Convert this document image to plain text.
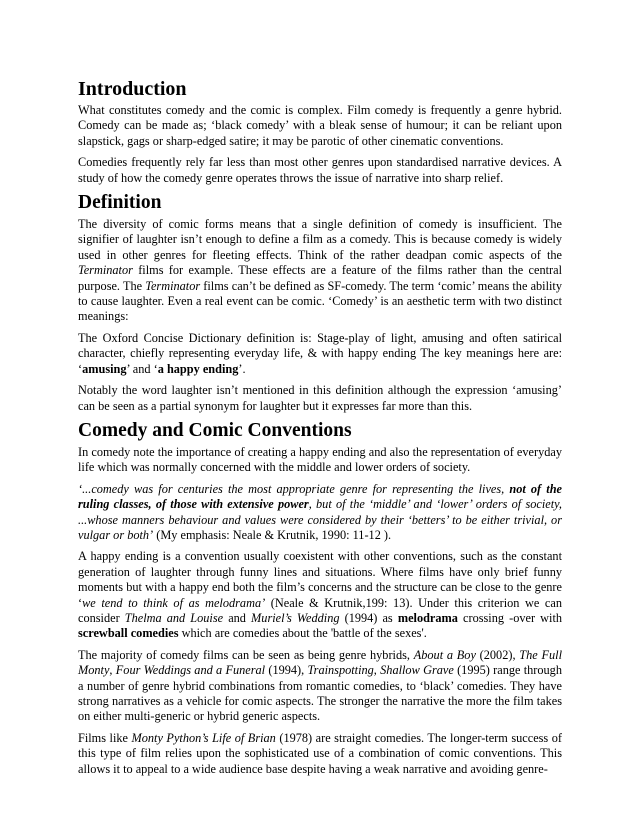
Introduction

What constitutes comedy and the comic is complex. Film comedy is frequently a genre hybrid. Comedy can be made as; ‘black comedy’ with a bleak sense of humour; it can be reliant upon slapstick, gags or sharp-edged satire; it may be parotic of other cinematic conventions.

Comedies frequently rely far less than most other genres upon standardised narrative devices. A study of how the comedy genre operates throws the issue of narrative into sharp relief.

Definition

The diversity of comic forms means that a single definition of comedy is insufficient. The signifier of laughter isn’t enough to define a film as a comedy. This is because comedy is widely used in other genres for fleeting effects. Think of the rather deadpan comic aspects of the Terminator films for example. These effects are a feature of the films rather than the central purpose. The Terminator films can’t be defined as SF-comedy. The term ‘comic’ means the ability to cause laughter. Even a real event can be comic. ‘Comedy’ is an aesthetic term with two distinct meanings:

The Oxford Concise Dictionary definition is: Stage-play of light, amusing and often satirical character, chiefly representing everyday life, & with happy ending The key meanings here are: ‘amusing’ and ‘a happy ending’.

Notably the word laughter isn’t mentioned in this definition although the expression ‘amusing’ can be seen as a partial synonym for laughter but it expresses far more than this.

Comedy and Comic Conventions

In comedy note the importance of creating a happy ending and also the representation of everyday life which was normally concerned with the middle and lower orders of society.

‘...comedy was for centuries the most appropriate genre for representing the lives, not of the ruling classes, of those with extensive power, but of the ‘middle’ and ‘lower’ orders of society, ...whose manners behaviour and values were considered by their ‘betters’ to be either trivial, or vulgar or both’ (My emphasis: Neale & Krutnik, 1990: 11-12 ).

A happy ending is a convention usually coexistent with other conventions, such as the constant generation of laughter through funny lines and situations. Where films have only brief funny moments but with a happy end both the film’s concerns and the structure can be close to the genre ‘we tend to think of as melodrama’ (Neale & Krutnik,199: 13). Under this criterion we can consider Thelma and Louise and Muriel’s Wedding (1994) as melodrama crossing -over with screwball comedies which are comedies about the 'battle of the sexes'.

The majority of comedy films can be seen as being genre hybrids, About a Boy (2002), The Full Monty, Four Weddings and a Funeral (1994), Trainspotting, Shallow Grave (1995) range through a number of genre hybrid combinations from romantic comedies, to ‘black’ comedies. They have strong narratives as a vehicle for comic aspects. The stronger the narrative the more the film takes on either multi-generic or hybrid generic aspects.

Films like Monty Python’s Life of Brian (1978) are straight comedies. The longer-term success of this type of film relies upon the sophisticated use of a combination of comic conventions. This allows it to appeal to a wide audience base despite having a weak narrative and avoiding genre-
